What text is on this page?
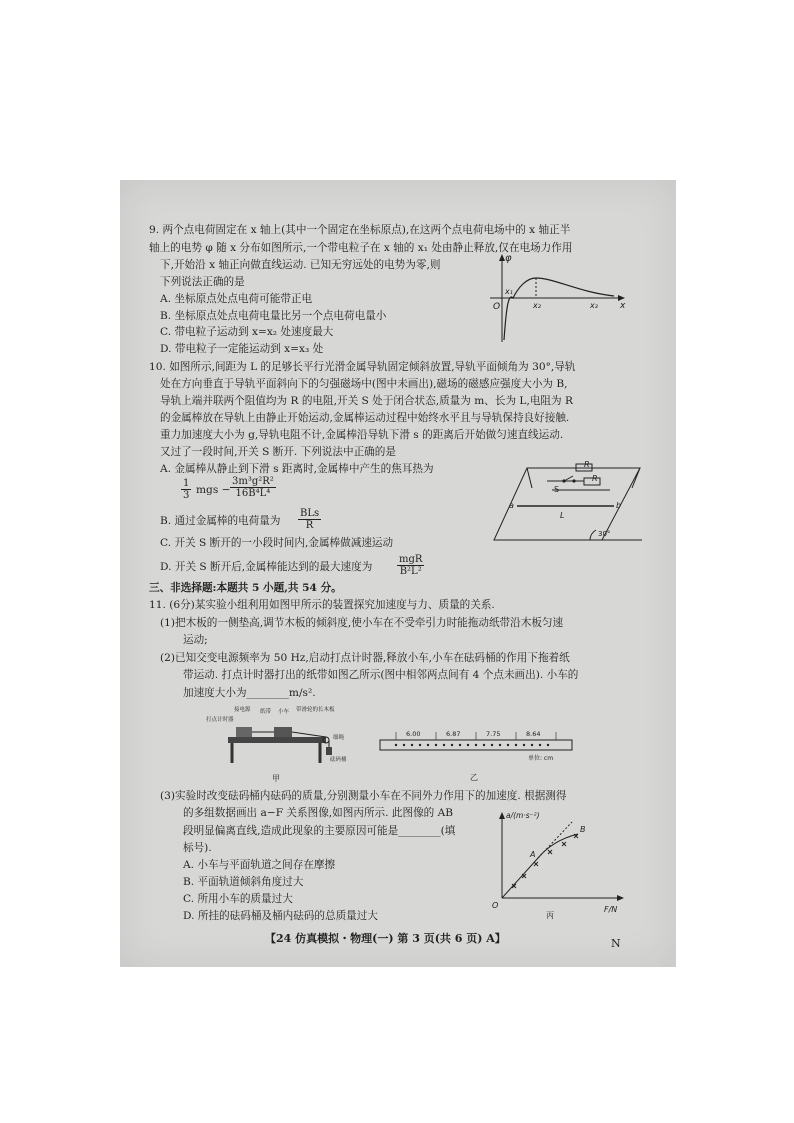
9. 两个点电荷固定在 x 轴上(其中一个固定在坐标原点),在这两个点电荷电场中的 x 轴正半
轴上的电势 φ 随 x 分布如图所示,一个带电粒子在 x 轴的 x₁ 处由静止释放,仅在电场力作用
下,开始沿 x 轴正向做直线运动. 已知无穷远处的电势为零,则
下列说法正确的是
A. 坐标原点处点电荷可能带正电
B. 坐标原点处点电荷电量比另一个点电荷电量小
C. 带电粒子运动到 x=x₂ 处速度最大
D. 带电粒子一定能运动到 x=x₃ 处
φ
x
O
x₁
x₂	x₃
10. 如图所示,间距为 L 的足够长平行光滑金属导轨固定倾斜放置,导轨平面倾角为 30°,导轨
处在方向垂直于导轨平面斜向下的匀强磁场中(图中未画出),磁场的磁感应强度大小为 B,
导轨上端并联两个阻值均为 R 的电阻,开关 S 处于闭合状态,质量为 m、长为 L,电阻为 R
的金属棒放在导轨上由静止开始运动,金属棒运动过程中始终水平且与导轨保持良好接触.
重力加速度大小为 g,导轨电阻不计,金属棒沿导轨下滑 s 的距离后开始做匀速直线运动.
又过了一段时间,开关 S 断开. 下列说法中正确的是
A. 金属棒从静止到下滑 s 距离时,金属棒中产生的焦耳热为
$\frac{1}{3}$ mgs − $\frac{\text{3m³g²R²}}{\text{16B⁴L⁴}}$
B. 通过金属棒的电荷量为
BLs
R
C. 开关 S 断开的一小段时间内,金属棒做减速运动
D. 开关 S 断开后,金属棒能达到的最大速度为
mgR
B²L²
R
R
S
a	b
L
30°
三、非选择题:本题共 5 小题,共 54 分。
11. (6分)某实验小组利用如图甲所示的装置探究加速度与力、质量的关系.
(1)把木板的一侧垫高,调节木板的倾斜度,使小车在不受牵引力时能拖动纸带沿木板匀速
运动;
(2)已知交变电源频率为 50 Hz,启动打点计时器,释放小车,小车在砝码桶的作用下拖着纸
带运动. 打点计时器打出的纸带如图乙所示(图中相邻两点间有 4 个点未画出). 小车的
加速度大小为________m/s².
接电源 纸带 小车 带滑轮的长木板
打点计时器
细绳
砝码桶
甲
6.00	6.87	7.75	8.64
单位: cm
乙
(3)实验时改变砝码桶内砝码的质量,分别测量小车在不同外力作用下的加速度. 根据测得
的多组数据画出 a−F 关系图像,如图丙所示. 此图像的 AB
段明显偏离直线,造成此现象的主要原因可能是________(填
标号).
A. 小车与平面轨道之间存在摩擦
B. 平面轨道倾斜角度过大
C. 所用小车的质量过大
D. 所挂的砝码桶及桶内砝码的总质量过大
a/(m·s⁻²)
F/N
O
A
B
丙
【24 仿真模拟・物理(一) 第 3 页(共 6 页) A】	N
